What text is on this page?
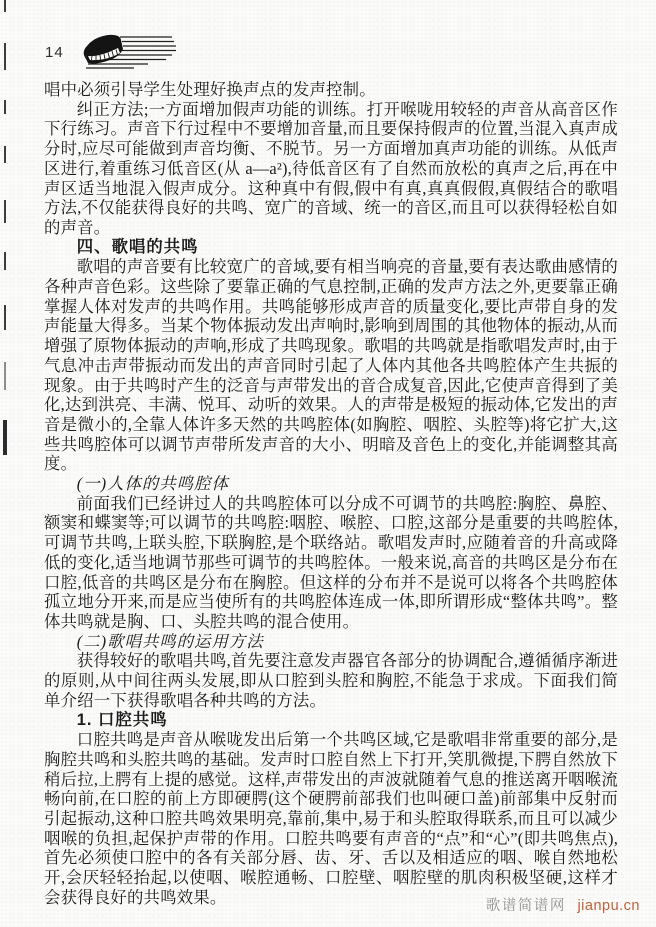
14

唱中必须引导学生处理好换声点的发声控制。

纠正方法;一方面增加假声功能的训练。打开喉咙用较轻的声音从高音区作下行练习。声音下行过程中不要增加音量,而且要保持假声的位置,当混入真声成分时,应尽可能做到声音均衡、不脱节。另一方面增加真声功能的训练。从低声区进行,着重练习低音区(从 a—a²),待低音区有了自然而放松的真声之后,再在中声区适当地混入假声成分。这种真中有假,假中有真,真真假假,真假结合的歌唱方法,不仅能获得良好的共鸣、宽广的音域、统一的音区,而且可以获得轻松自如的声音。

四、歌唱的共鸣

歌唱的声音要有比较宽广的音域,要有相当响亮的音量,要有表达歌曲感情的各种声音色彩。这些除了要靠正确的气息控制,正确的发声方法之外,更要靠正确掌握人体对发声的共鸣作用。共鸣能够形成声音的质量变化,要比声带自身的发声能量大得多。当某个物体振动发出声响时,影响到周围的其他物体的振动,从而增强了原物体振动的声响,形成了共鸣现象。歌唱的共鸣就是指歌唱发声时,由于气息冲击声带振动而发出的声音同时引起了人体内其他各共鸣腔体产生共振的现象。由于共鸣时产生的泛音与声带发出的音合成复音,因此,它使声音得到了美化,达到洪亮、丰满、悦耳、动听的效果。人的声带是极短的振动体,它发出的声音是微小的,全靠人体许多天然的共鸣腔体(如胸腔、咽腔、头腔等)将它扩大,这些共鸣腔体可以调节声带所发声音的大小、明暗及音色上的变化,并能调整其高度。

(一)人体的共鸣腔体

前面我们已经讲过人的共鸣腔体可以分成不可调节的共鸣腔:胸腔、鼻腔、额窦和蝶窦等;可以调节的共鸣腔:咽腔、喉腔、口腔,这部分是重要的共鸣腔体,可调节共鸣,上联头腔,下联胸腔,是个联络站。歌唱发声时,应随着音的升高或降低的变化,适当地调节那些可调节的共鸣腔体。一般来说,高音的共鸣区是分布在口腔,低音的共鸣区是分布在胸腔。但这样的分布并不是说可以将各个共鸣腔体孤立地分开来,而是应当使所有的共鸣腔体连成一体,即所谓形成“整体共鸣”。整体共鸣就是胸、口、头腔共鸣的混合使用。

(二)歌唱共鸣的运用方法

获得较好的歌唱共鸣,首先要注意发声器官各部分的协调配合,遵循循序渐进的原则,从中间往两头发展,即从口腔到头腔和胸腔,不能急于求成。下面我们简单介绍一下获得歌唱各种共鸣的方法。

1. 口腔共鸣

口腔共鸣是声音从喉咙发出后第一个共鸣区域,它是歌唱非常重要的部分,是胸腔共鸣和头腔共鸣的基础。发声时口腔自然上下打开,笑肌微提,下腭自然放下稍后拉,上腭有上提的感觉。这样,声带发出的声波就随着气息的推送离开咽喉流畅向前,在口腔的前上方即硬腭(这个硬腭前部我们也叫硬口盖)前部集中反射而引起振动,这种口腔共鸣效果明亮,靠前,集中,易于和头腔取得联系,而且可以减少咽喉的负担,起保护声带的作用。口腔共鸣要有声音的“点”和“心”(即共鸣焦点),首先必须使口腔中的各有关部分唇、齿、牙、舌以及相适应的咽、喉自然地松开,会厌轻轻抬起,以使咽、喉腔通畅、口腔壁、咽腔壁的肌肉积极坚硬,这样才会获得良好的共鸣效果。	歌谱简谱网 jianpu.cn
